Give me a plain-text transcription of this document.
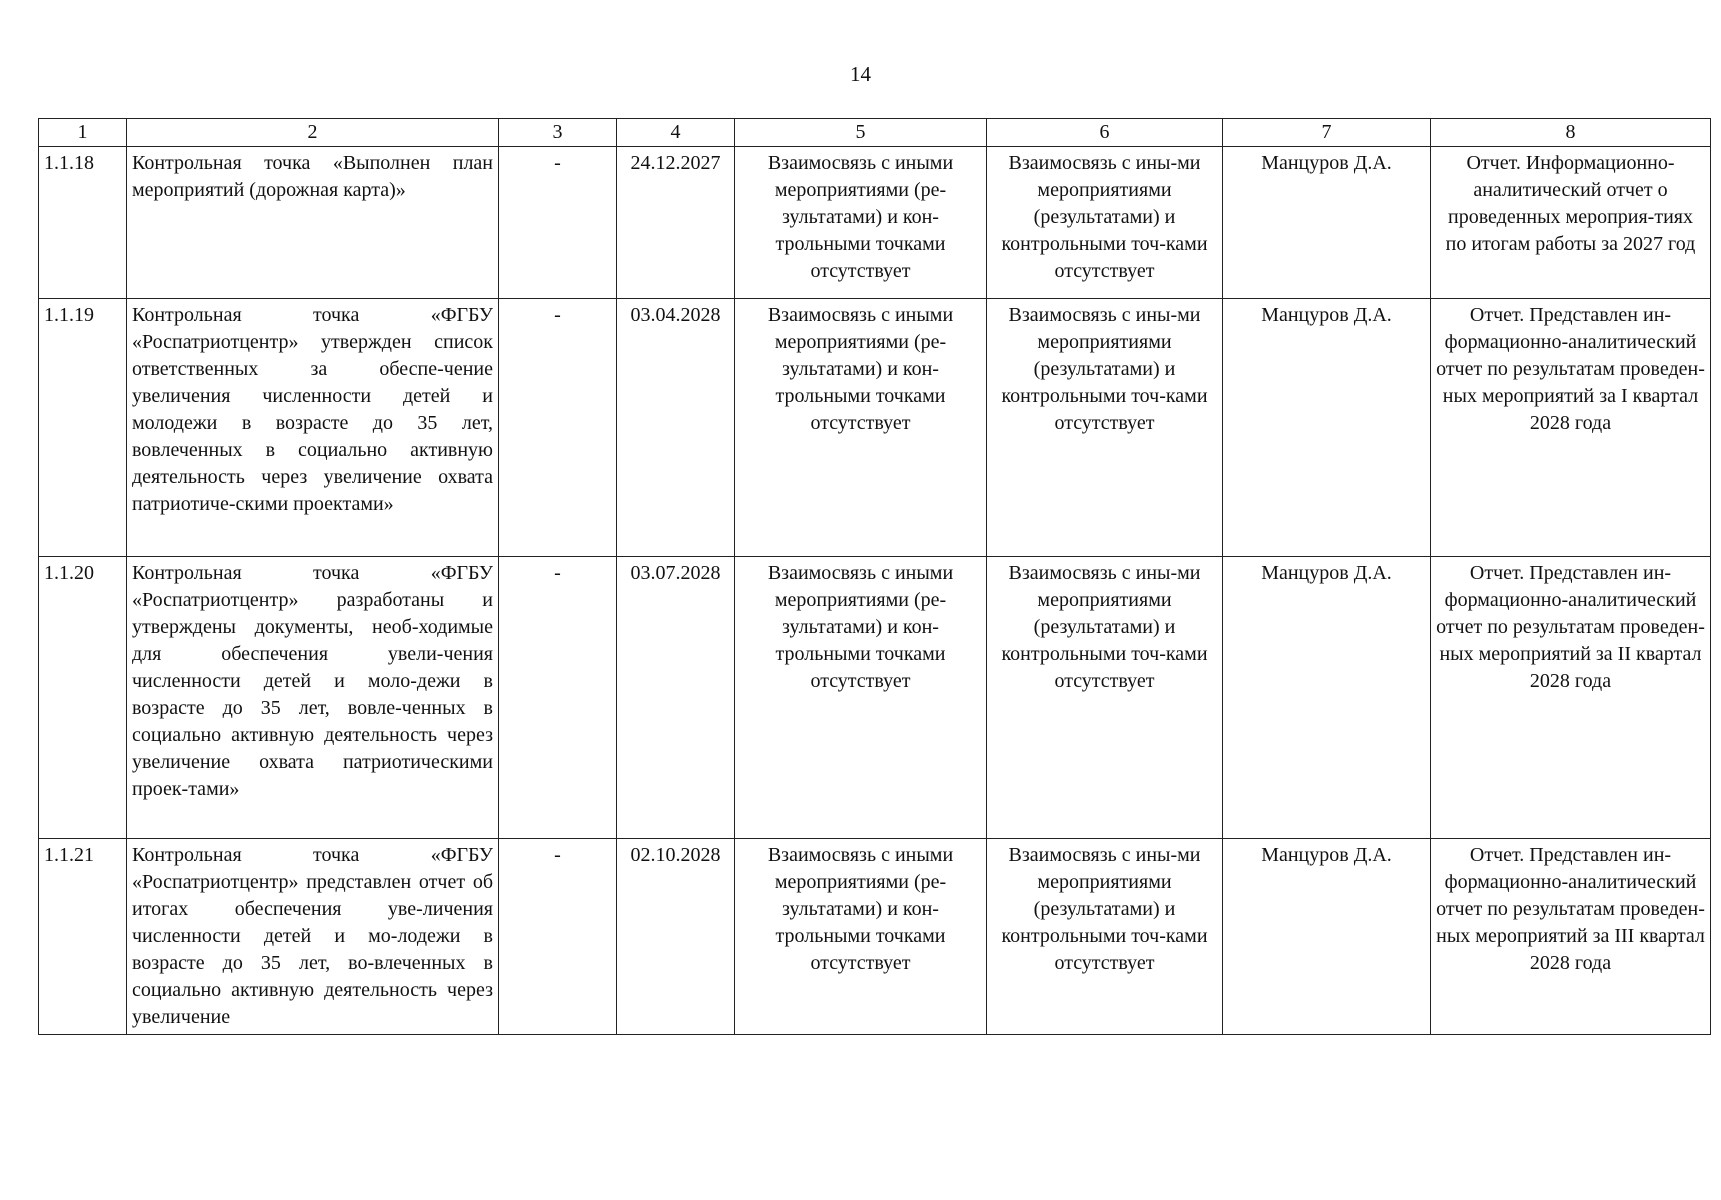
14
1	2	3	4	5	6	7	8
1.1.18	Контрольная точка «Выполнен план мероприятий (дорожная карта)»	-	24.12.2027	Взаимосвязь с иными мероприятиями (ре-зультатами) и кон-трольными точками отсутствует	Взаимосвязь с ины-ми мероприятиями (результатами) и контрольными точ-ками отсутствует	Манцуров Д.А.	Отчет. Информационно-аналитический отчет о проведенных мероприя-тиях по итогам работы за 2027 год
1.1.19	Контрольная точка «ФГБУ «Роспатриотцентр» утвержден список ответственных за обеспе-чение увеличения численности детей и молодежи в возрасте до 35 лет, вовлеченных в социально активную деятельность через увеличение охвата патриотиче-скими проектами»	-	03.04.2028	Взаимосвязь с иными мероприятиями (ре-зультатами) и кон-трольными точками отсутствует	Взаимосвязь с ины-ми мероприятиями (результатами) и контрольными точ-ками отсутствует	Манцуров Д.А.	Отчет. Представлен ин-формационно-аналитический отчет по результатам проведен-ных мероприятий за I квартал 2028 года
1.1.20	Контрольная точка «ФГБУ «Роспатриотцентр» разработаны и утверждены документы, необ-ходимые для обеспечения увели-чения численности детей и моло-дежи в возрасте до 35 лет, вовле-ченных в социально активную деятельность через увеличение охвата патриотическими проек-тами»	-	03.07.2028	Взаимосвязь с иными мероприятиями (ре-зультатами) и кон-трольными точками отсутствует	Взаимосвязь с ины-ми мероприятиями (результатами) и контрольными точ-ками отсутствует	Манцуров Д.А.	Отчет. Представлен ин-формационно-аналитический отчет по результатам проведен-ных мероприятий за II квартал 2028 года
1.1.21	Контрольная точка «ФГБУ «Роспатриотцентр» представлен отчет об итогах обеспечения уве-личения численности детей и мо-лодежи в возрасте до 35 лет, во-влеченных в социально активную деятельность через увеличение	-	02.10.2028	Взаимосвязь с иными мероприятиями (ре-зультатами) и кон-трольными точками отсутствует	Взаимосвязь с ины-ми мероприятиями (результатами) и контрольными точ-ками отсутствует	Манцуров Д.А.	Отчет. Представлен ин-формационно-аналитический отчет по результатам проведен-ных мероприятий за III квартал 2028 года
